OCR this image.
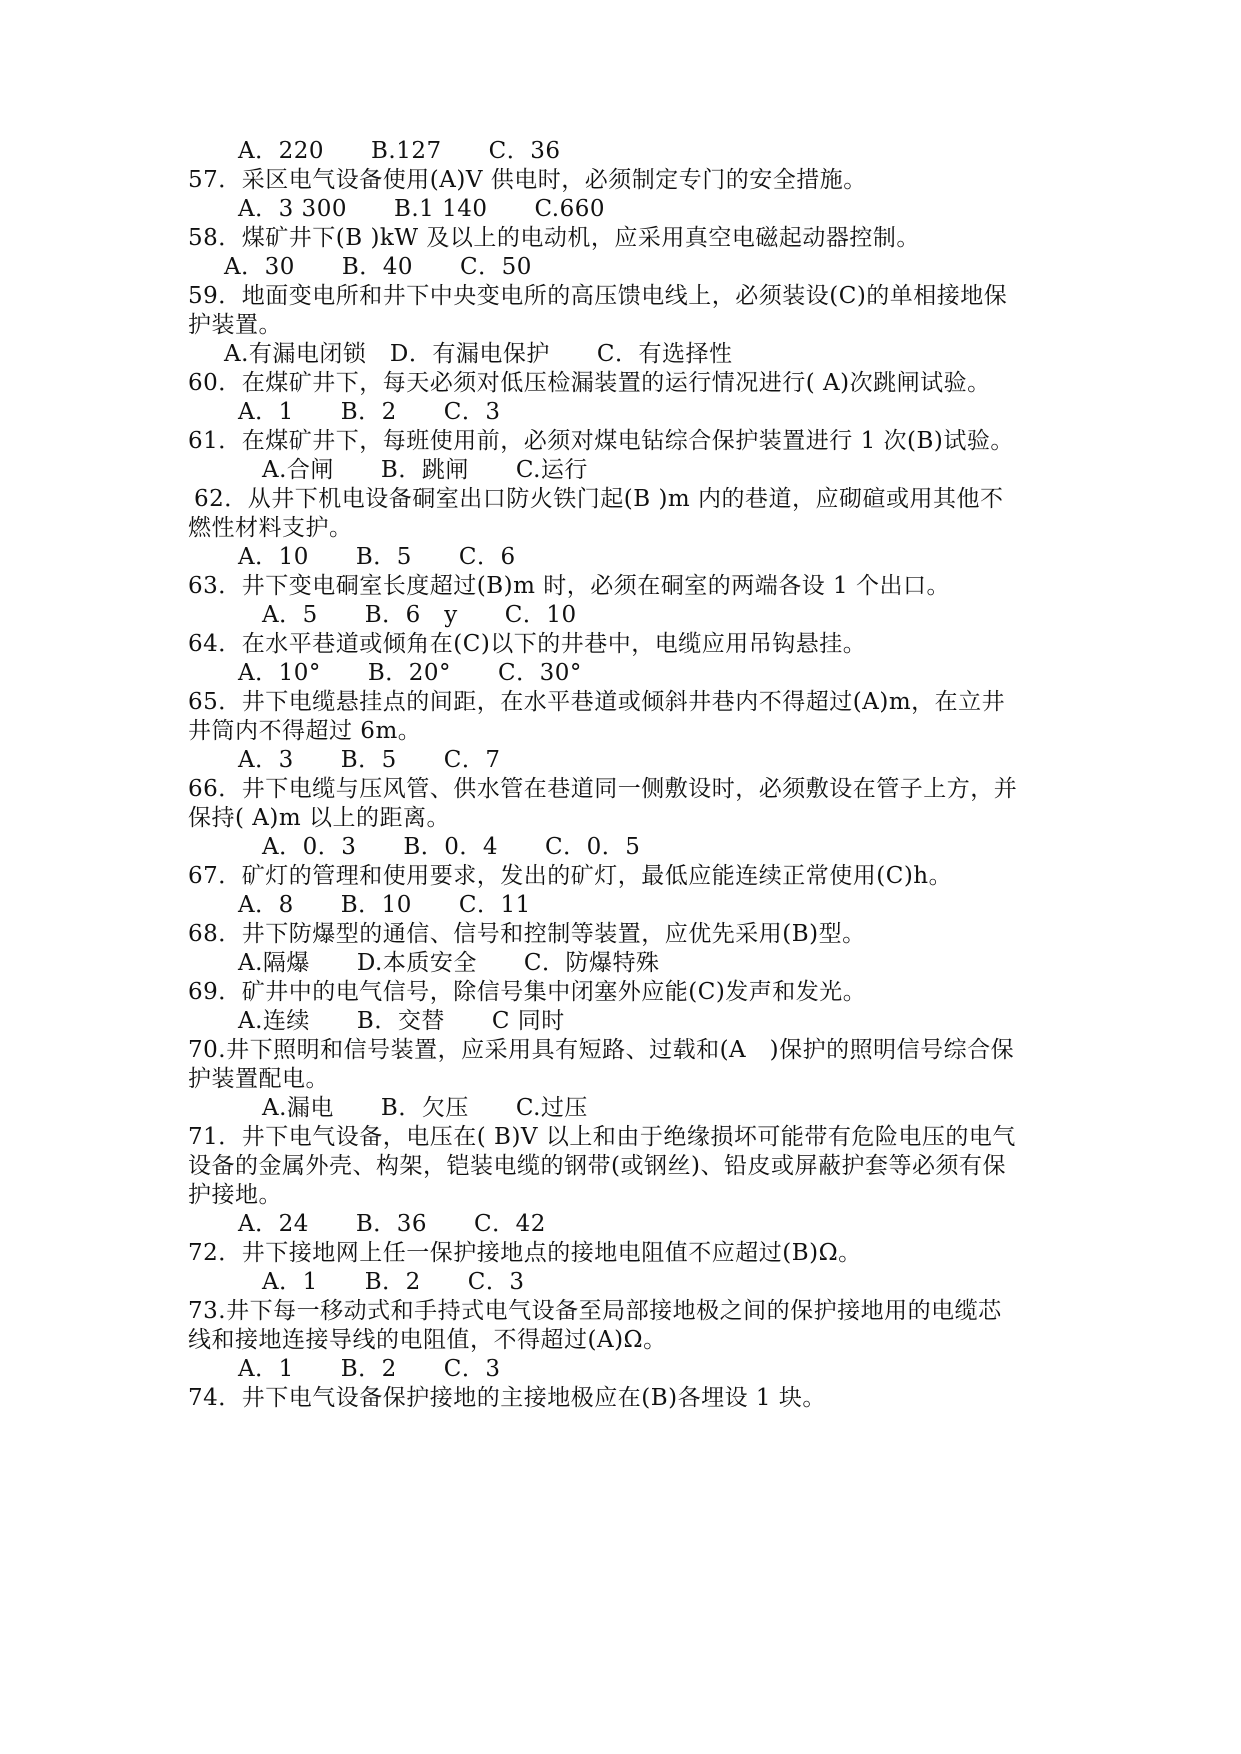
A．220　　B.127　　C．36
57．采区电气设备使用(A)V 供电时，必须制定专门的安全措施。
A．3 300　　B.1 140　　C.660
58．煤矿井下(B )kW 及以上的电动机，应采用真空电磁起动器控制。
A．30　　B．40　　C．50
59．地面变电所和井下中央变电所的高压馈电线上，必须装设(C)的单相接地保
护装置。
A.有漏电闭锁　D．有漏电保护　　C．有选择性
60．在煤矿井下，每天必须对低压检漏装置的运行情况进行( A)次跳闸试验。
A．1　　B．2　　C．3
61．在煤矿井下，每班使用前，必须对煤电钻综合保护装置进行 1 次(B)试验。
A.合闸　　B．跳闸　　C.运行
62．从井下机电设备硐室出口防火铁门起(B )m 内的巷道，应砌碹或用其他不
燃性材料支护。
A．10　　B．5　　C．6
63．井下变电硐室长度超过(B)m 时，必须在硐室的两端各设 1 个出口。
A．5　　B．6　y　　C．10
64．在水平巷道或倾角在(C)以下的井巷中，电缆应用吊钩悬挂。
A．10°　　B．20°　　C．30°
65．井下电缆悬挂点的间距，在水平巷道或倾斜井巷内不得超过(A)m，在立井
井筒内不得超过 6m。
A．3　　B．5　　C．7
66．井下电缆与压风管、供水管在巷道同一侧敷设时，必须敷设在管子上方，并
保持( A)m 以上的距离。
A．0．3　　B．0．4　　C．0．5
67．矿灯的管理和使用要求，发出的矿灯，最低应能连续正常使用(C)h。
A．8　　B．10　　C．11
68．井下防爆型的通信、信号和控制等装置，应优先采用(B)型。
A.隔爆　　D.本质安全　　C．防爆特殊
69．矿井中的电气信号，除信号集中闭塞外应能(C)发声和发光。
A.连续　　B．交替　　C 同时
70.井下照明和信号装置，应采用具有短路、过载和(A　)保护的照明信号综合保
护装置配电。
A.漏电　　B．欠压　　C.过压
71．井下电气设备，电压在( B)V 以上和由于绝缘损坏可能带有危险电压的电气
设备的金属外壳、构架，铠装电缆的钢带(或钢丝)、铅皮或屏蔽护套等必须有保
护接地。
A．24　　B．36　　C．42
72．井下接地网上任一保护接地点的接地电阻值不应超过(B)Ω。
A．1　　B．2　　C．3
73.井下每一移动式和手持式电气设备至局部接地极之间的保护接地用的电缆芯
线和接地连接导线的电阻值，不得超过(A)Ω。
A．1　　B．2　　C．3
74．井下电气设备保护接地的主接地极应在(B)各埋设 1 块。
